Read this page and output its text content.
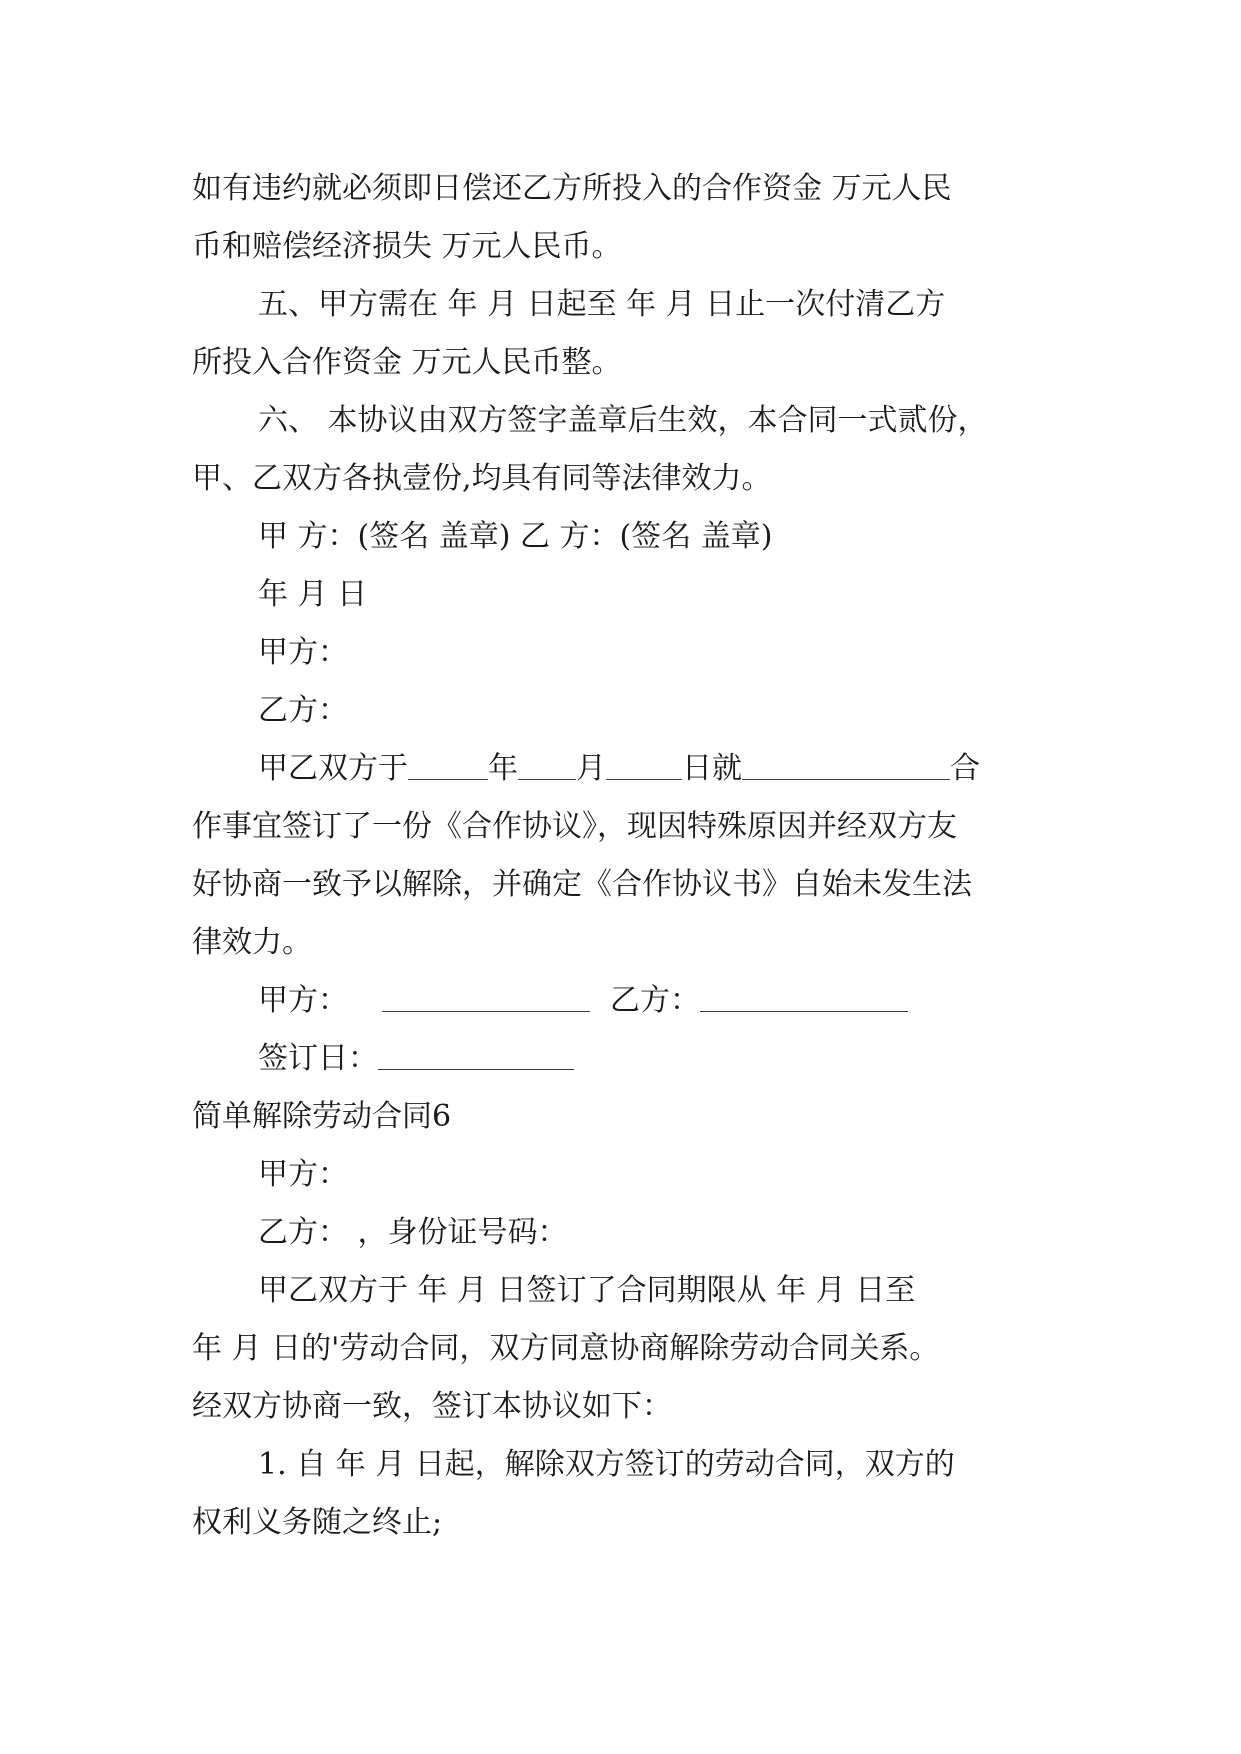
如有违约就必须即日偿还乙方所投入的合作资金 万元人民
币和赔偿经济损失 万元人民币。
五、甲方需在 年 月 日起至 年 月 日止一次付清乙方
所投入合作资金 万元人民币整。
六、 本协议由双方签字盖章后生效，本合同一式贰份，
甲、乙双方各执壹份,均具有同等法律效力。
甲 方：(签名 盖章) 乙 方：(签名 盖章)
年 月 日
甲方：
乙方：
甲乙双方于	年 月	日就	合
作事宜签订了一份《合作协议》，现因特殊原因并经双方友
好协商一致予以解除，并确定《合作协议书》自始未发生法
律效力。
甲方：	乙方：
签订日：
简单解除劳动合同6
甲方：
乙方： ，身份证号码：
甲乙双方于 年 月 日签订了合同期限从 年 月 日至
年 月 日的'劳动合同，双方同意协商解除劳动合同关系。
经双方协商一致，签订本协议如下：
1. 自 年 月 日起，解除双方签订的劳动合同，双方的
权利义务随之终止;
